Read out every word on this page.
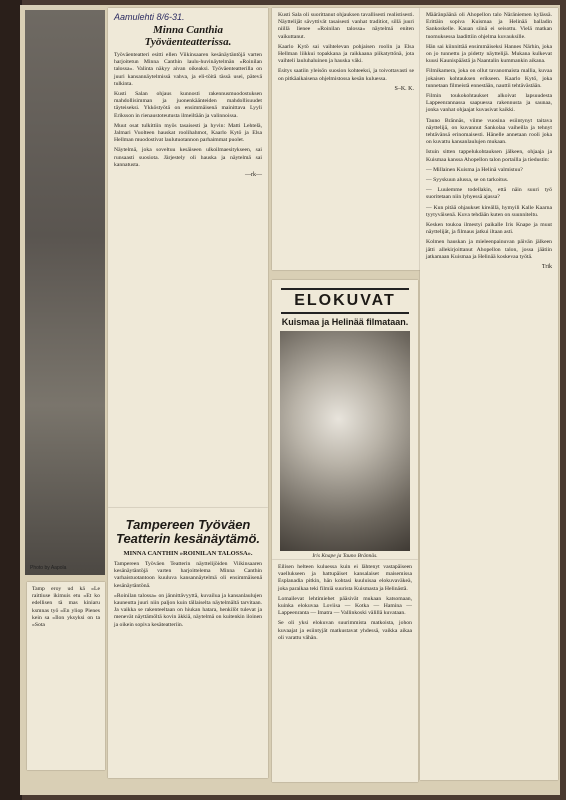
Photo by Aapola
Aamulehti 8/6-31.
Minna Canthia Työväenteatterissa.

Työväenteatteri esitti ellen Viikinsaaren kesänäytäntöjä varten harjoitetun Minna Canthin laulu-huvinäytelmän »Roinilan talossa». Valinta näkyy aivan oikeaksi. Työväenteatterilla on juuri kansannäytelmissä vahva, ja eli-töitä tässä usei, pätevä tulkinta.

Kusti Salan ohjaus kunnosti rakennusmuodostuksen mahdollisimman ja juonenkäänteiden mahdollisuudet täyteiseksi. Ykköstyötä on ensimmäisenä mainittava Lyyli Eriksson in rienaustoteutusta ilmeiltään ja valinnoissa.

Muut osat tulkittiin myös tasaisesti ja hyvin: Matti Lehtelä, Jalmari Vuolteen hauskat roolihahmot, Kaarlo Kytö ja Elsa Hellman muodostivat laulutuotannon parhaimmat puolet.

Näytelmä, joka soveltuu kesäiseen ulkoilmaesitykseen, sai runsaasti suosiota. Järjestely oli hauska ja näytelmä sai kannatusta.

—rk—
Tampereen Työväen Teatterin kesänäytämö.
MINNA CANTHIN »ROINILAN TALOSSA».

Tampereen Työväen Teatterin näyttelijöiden Viikinsaaren kesänäytäntöjä varten harjoittelema Minna Canthin varhaistuotantoon kuuluva kansannäytelmä oli ensimmäisenä kesänäytäntönä.

»Roinilan talossa» on jännittävyyttä, kuvailua ja kansanlaulujen kauneutta juuri niin paljon kuin tällaiselta näytelmältä tarvitaan. Ja vaikka se rakenteeltaan on hiukan hatara, henkilöt tulevat ja menevät näyttämöltä kovin äkkiä, näytelmä on kuitenkin iloinen ja oikein sopiva kesäteatteriin.

Kusti Sala oli suorittanut ohjauksen tavallisesti realistisesti. Näyttelijät sävyttivät tasaisesti vanhat traditiot, sillä juuri niillä lienee »Roinilan talossa» näytelmä eniten vaikuttanut.

Kaarlo Kytö sai vaihtelevan pohjaisen roolin ja Elsa Hellman liikkui topakkana ja raikkaana piikatyttönä, jota vaihteli lauluhaluinen ja hauska väki.

Esitys saatiin yleisön suosion kohteeksi, ja toivottavasti se on pitkäaikaisena ohjelmistossa kesän kuluessa.

S–K. K.
ELOKUVAT
Kuismaa ja Helinää filmataan.
Iris Knape ja Tauno Brännäs.

Eilisen helteen kuluessa kuin ei lähtenyt vastapäiseen vaellukseen ja hattupäiset kansalaiset maisemissa Esplanadia pitkin, hän kohtasi kuuluisaa elokuvaväkeä, joka paraikaa teki filmiä suurista Kuismasta ja Helinästä.

Lomailevat lehtimiehet pääsivät mukaan katsomaan, kuinka elokuvaa Loviisa — Kotka — Hamina — Lappeenranta — Imatra — Vallinkoski välillä kuvataan.

Se oli yksi elokuvan suurimmista matkoista, johon kuvaajat ja esiintyjät matkustavat yhdessä, vaikka aikaa oli varattu vähän.

Määränpäänä oli Ahopellon talo Näräniemen kylässä. Erittäin sopiva Kuismaa ja Helinää balladin Sankoskelle. Kauan siinä ei seisottu. Vielä matkan tuomuksessa laadittiin ohjelma kuvauksille.

Hän sai kiinnittää ensimmäiseksi Hannes Närhin, joka on jo tunnettu ja pidetty näyttelijä. Mukana kulkevat kuusi Kaunispäästä ja Naantalin kummankin aikana.

Filmikamera, joka on ollut tavanomaista mallia, kuvaa jokaisen kohtauksen erikseen. Kaarlo Kytö, joka tunnetaan filmeistä ennestään, nauttii tehtävästään.

Filmin toukokohtaukset alkoivat lapsuudesta Lappeenrannassa saapuessa rakennusta ja saunaa, jonka vanhat ohjaajat kuvasivat kaikki.

Tauno Brännäs, viime vuosina esiintynyt taitava näyttelijä, on kuvannut Sankolaa vaiheilla ja tehnyt tehtävänsä erinomaisesti. Hänelle annetaan rooli joka on kuvattu kansanlaulujen mukaan.

Istuin sitten tappelukohtauksen jälkeen, ohjaaja ja Kuismaa kanssa Ahopellon talon portailla ja tiedustin:

— Millainen Kuisma ja Helinä valmistuu?

— Syyskuun alussa, se on tarkoitus.

— Luulemme todellakin, että näin suuri työ suoritetaan niin lyhyessä ajassa?

— Kun pitää ohjaukset kireällä, hymyili Kalle Kaarna tyytyväisenä. Kuva tehdään kuten on suunniteltu.

Kesken toukoa ilmestyi paikalle Iris Knape ja muut näyttelijät, ja filmaus jatkui iltaan asti.

Kolmen hauskan ja mieleenpainuvan päivän jälkeen jätti allekirjoittanut Ahopellon talon, jossa jäätiin jatkamaan Kuismaa ja Helinää koskevaa työtä.

Trik

Tamp eroy ud kä »Le raittiuse ikimuis etu »Et ko edellisen tä mas kiniaru ksmnas työ »En yliop Pienes kein sa »Ilon yksyksi on ta »Sota
